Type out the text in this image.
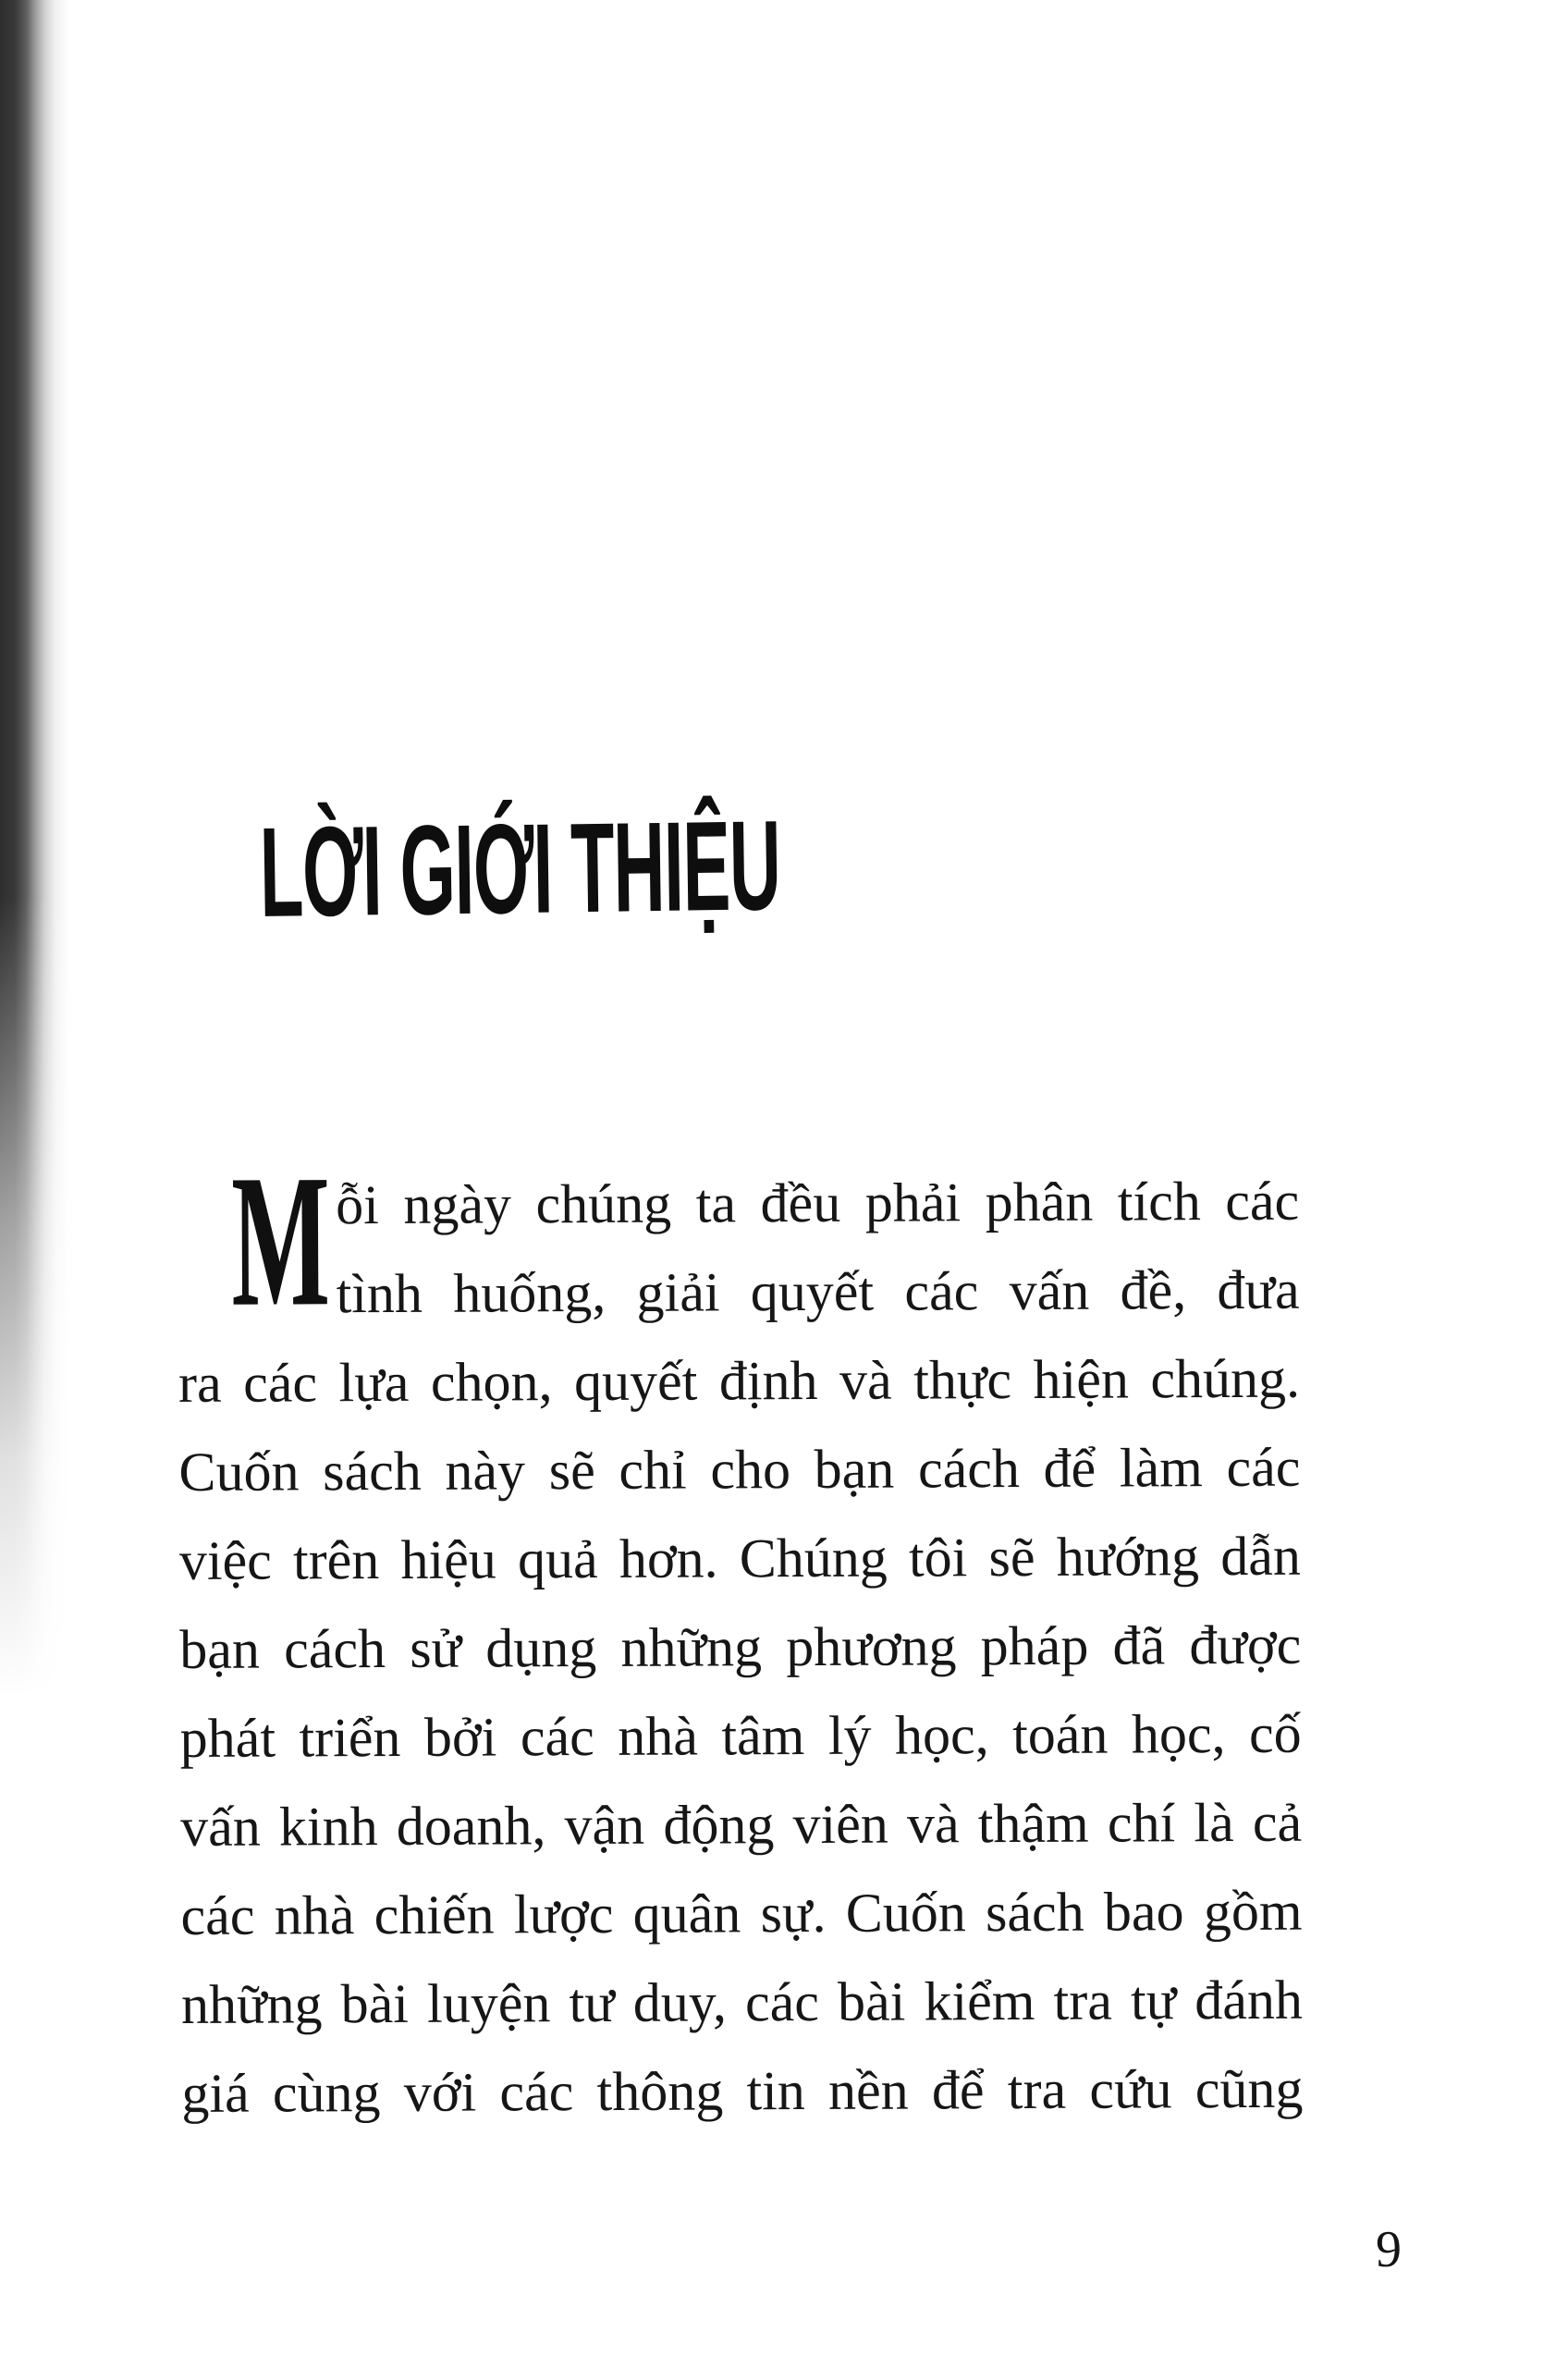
LỜI GIỚI THIỆU
M ỗi ngày chúng ta đều phải phân tích các
tình huống, giải quyết các vấn đề, đưa
ra các lựa chọn, quyết định và thực hiện chúng.
Cuốn sách này sẽ chỉ cho bạn cách để làm các
việc trên hiệu quả hơn. Chúng tôi sẽ hướng dẫn
bạn cách sử dụng những phương pháp đã được
phát triển bởi các nhà tâm lý học, toán học, cố
vấn kinh doanh, vận động viên và thậm chí là cả
các nhà chiến lược quân sự. Cuốn sách bao gồm
những bài luyện tư duy, các bài kiểm tra tự đánh
giá cùng với các thông tin nền để tra cứu cũng
9
